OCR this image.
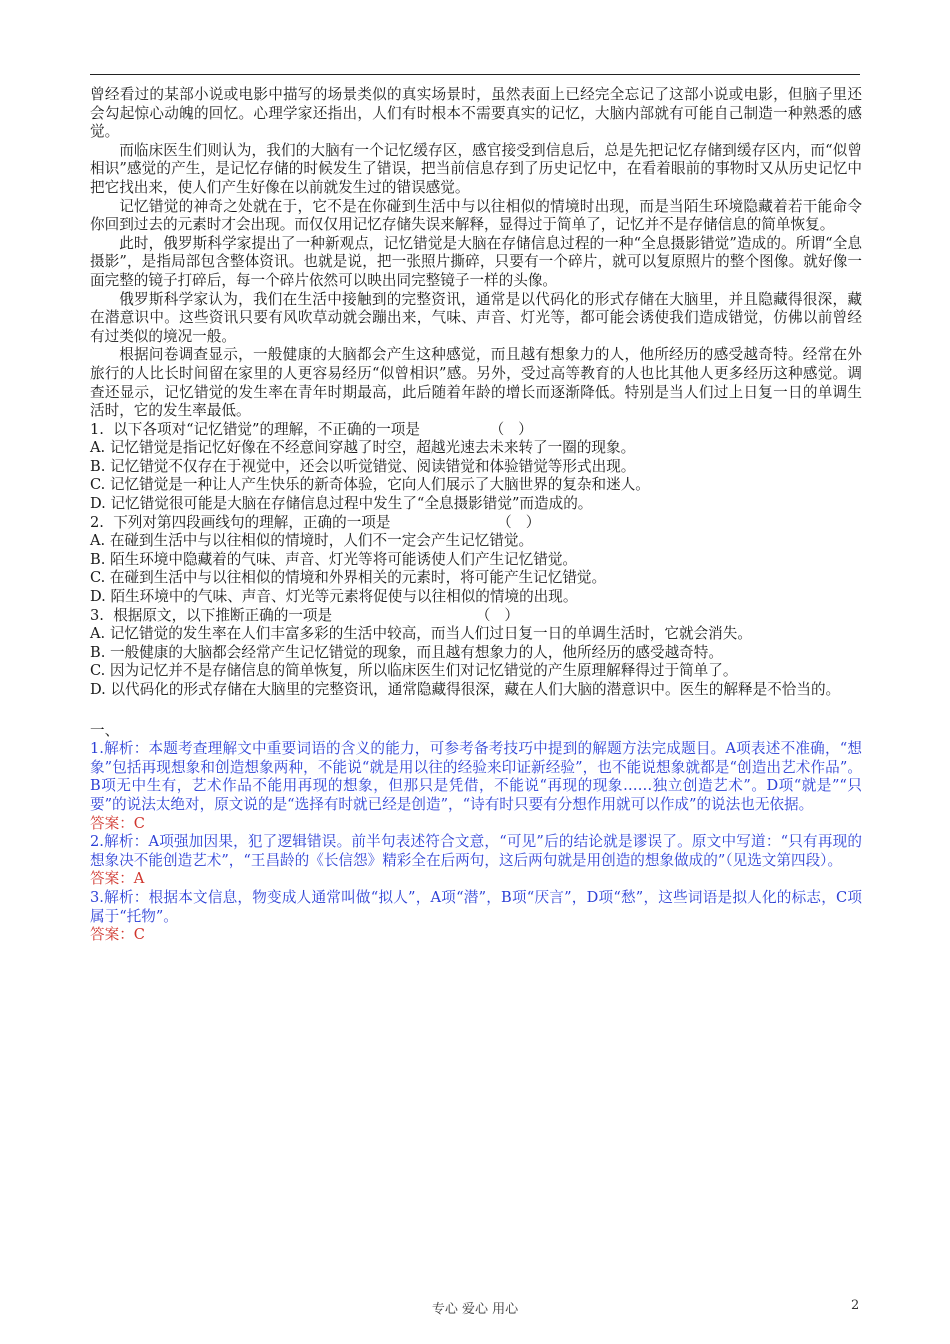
曾经看过的某部小说或电影中描写的场景类似的真实场景时，虽然表面上已经完全忘记了这部小说或电影，但脑子里还会勾起惊心动魄的回忆。心理学家还指出，人们有时根本不需要真实的记忆，大脑内部就有可能自己制造一种熟悉的感觉。

而临床医生们则认为，我们的大脑有一个记忆缓存区，感官接受到信息后，总是先把记忆存储到缓存区内，而“似曾相识”感觉的产生，是记忆存储的时候发生了错误，把当前信息存到了历史记忆中，在看着眼前的事物时又从历史记忆中把它找出来，使人们产生好像在以前就发生过的错误感觉。

记忆错觉的神奇之处就在于，它不是在你碰到生活中与以往相似的情境时出现，而是当陌生环境隐藏着若干能命令你回到过去的元素时才会出现。而仅仅用记忆存储失误来解释，显得过于简单了，记忆并不是存储信息的简单恢复。

此时，俄罗斯科学家提出了一种新观点，记忆错觉是大脑在存储信息过程的一种“全息摄影错觉”造成的。所谓“全息摄影”，是指局部包含整体资讯。也就是说，把一张照片撕碎，只要有一个碎片，就可以复原照片的整个图像。就好像一面完整的镜子打碎后，每一个碎片依然可以映出同完整镜子一样的头像。

俄罗斯科学家认为，我们在生活中接触到的完整资讯，通常是以代码化的形式存储在大脑里，并且隐藏得很深，藏在潜意识中。这些资讯只要有风吹草动就会蹦出来，气味、声音、灯光等，都可能会诱使我们造成错觉，仿佛以前曾经有过类似的境况一般。

根据问卷调查显示，一般健康的大脑都会产生这种感觉，而且越有想象力的人，他所经历的感受越奇特。经常在外旅行的人比长时间留在家里的人更容易经历“似曾相识”感。另外，受过高等教育的人也比其他人更多经历这种感觉。调查还显示，记忆错觉的发生率在青年时期最高，此后随着年龄的增长而逐渐降低。特别是当人们过上日复一日的单调生活时，它的发生率最低。

1.  以下各项对“记忆错觉”的理解，不正确的一项是               （   ）

A. 记忆错觉是指记忆好像在不经意间穿越了时空，超越光速去未来转了一圈的现象。

B. 记忆错觉不仅存在于视觉中，还会以听觉错觉、阅读错觉和体验错觉等形式出现。

C. 记忆错觉是一种让人产生快乐的新奇体验，它向人们展示了大脑世界的复杂和迷人。

D. 记忆错觉很可能是大脑在存储信息过程中发生了“全息摄影错觉”而造成的。

2.  下列对第四段画线句的理解，正确的一项是                       （   ）

A. 在碰到生活中与以往相似的情境时，人们不一定会产生记忆错觉。

B. 陌生环境中隐藏着的气味、声音、灯光等将可能诱使人们产生记忆错觉。

C. 在碰到生活中与以往相似的情境和外界相关的元素时，将可能产生记忆错觉。

D. 陌生环境中的气味、声音、灯光等元素将促使与以往相似的情境的出现。

3.  根据原文，以下推断正确的一项是                               （   ）

A. 记忆错觉的发生率在人们丰富多彩的生活中较高，而当人们过日复一日的单调生活时，它就会消失。

B. 一般健康的大脑都会经常产生记忆错觉的现象，而且越有想象力的人，他所经历的感受越奇特。

C. 因为记忆并不是存储信息的简单恢复，所以临床医生们对记忆错觉的产生原理解释得过于简单了。

D. 以代码化的形式存储在大脑里的完整资讯，通常隐藏得很深，藏在人们大脑的潜意识中。医生的解释是不恰当的。

一、

1.解析：本题考查理解文中重要词语的含义的能力，可参考备考技巧中提到的解题方法完成题目。A项表述不准确，“想象”包括再现想象和创造想象两种，不能说“就是用以往的经验来印证新经验”，也不能说想象就都是“创造出艺术作品”。B项无中生有，艺术作品不能用再现的想象，但那只是凭借，不能说“再现的现象……独立创造艺术”。D项“就是”“只要”的说法太绝对，原文说的是“选择有时就已经是创造”，“诗有时只要有分想作用就可以作成”的说法也无依据。

答案：C

2.解析：A项强加因果，犯了逻辑错误。前半句表述符合文意，“可见”后的结论就是谬误了。原文中写道：“只有再现的想象决不能创造艺术”，“王昌龄的《长信怨》精彩全在后两句，这后两句就是用创造的想象做成的”（见选文第四段）。

答案：A

3.解析：根据本文信息，物变成人通常叫做“拟人”，A项“潜”，B项“厌言”，D项“愁”，这些词语是拟人化的标志，C项属于“托物”。

答案：C

专心 爱心 用心	2
